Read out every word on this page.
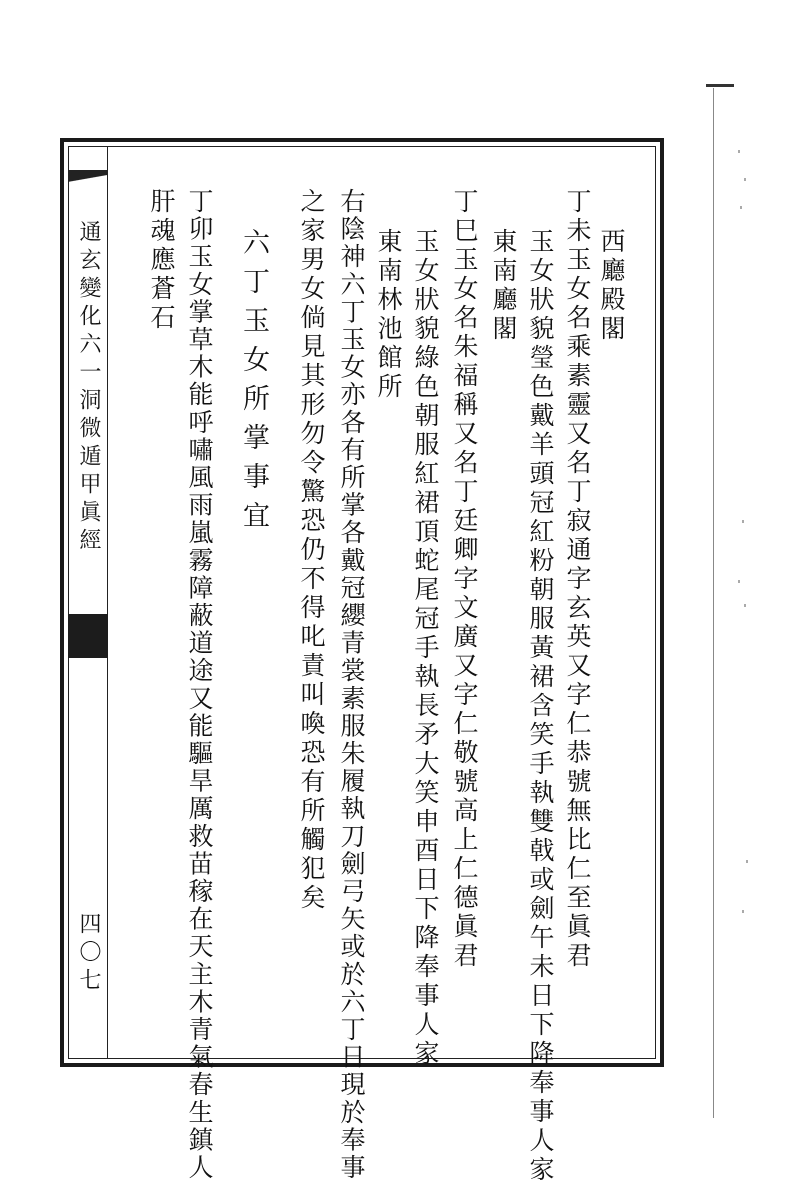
通玄變化六一洞微遁甲眞經
四〇七
西廳殿閣
丁未玉女名乘素靈又名丁寂通字玄英又字仁恭號無比仁至眞君
玉女狀貌瑩色戴羊頭冠紅粉朝服黃裙含笑手執雙戟或劍午未日下降奉事人家
東南廳閣
丁巳玉女名朱福稱又名丁廷卿字文廣又字仁敬號高上仁德眞君
玉女狀貌綠色朝服紅裙頂蛇尾冠手執長矛大笑申酉日下降奉事人家
東南林池館所
右陰神六丁玉女亦各有所掌各戴冠纓青裳素服朱履執刀劍弓矢或於六丁日現於奉事
之家男女倘見其形勿令驚恐仍不得叱責叫喚恐有所觸犯矣
六丁玉女所掌事宜
丁卯玉女掌草木能呼嘯風雨嵐霧障蔽道途又能驅旱厲救苗稼在天主木青氣春生鎮人
肝魂應蒼石
